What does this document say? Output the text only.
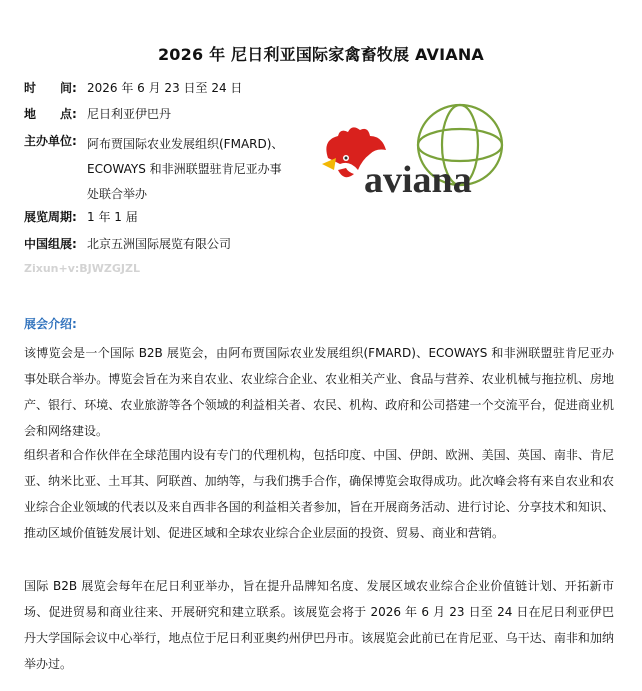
2026 年 尼日利亚国际家禽畜牧展 AVIANA
时　　间: 2026 年 6 月 23 日至 24 日
地　　点: 尼日利亚伊巴丹
主办单位: 阿布贾国际农业发展组织(FMARD)、
ECOWAYS 和非洲联盟驻肯尼亚办事
处联合举办
展览周期: 1 年 1 届
中国组展: 北京五洲国际展览有限公司
Zixun+v:BJWZGJZL
aviana
展会介绍:
该博览会是一个国际 B2B 展览会，由阿布贾国际农业发展组织(FMARD)、ECOWAYS 和非洲联盟驻肯尼亚办事处联合举办。博览会旨在为来自农业、农业综合企业、农业相关产业、食品与营养、农业机械与拖拉机、房地产、银行、环境、农业旅游等各个领域的利益相关者、农民、机构、政府和公司搭建一个交流平台，促进商业机会和网络建设。
组织者和合作伙伴在全球范围内设有专门的代理机构，包括印度、中国、伊朗、欧洲、美国、英国、南非、肯尼亚、纳米比亚、土耳其、阿联酋、加纳等，与我们携手合作，确保博览会取得成功。此次峰会将有来自农业和农业综合企业领域的代表以及来自西非各国的利益相关者参加，旨在开展商务活动、进行讨论、分享技术和知识、推动区域价值链发展计划、促进区域和全球农业综合企业层面的投资、贸易、商业和营销。
国际 B2B 展览会每年在尼日利亚举办，旨在提升品牌知名度、发展区域农业综合企业价值链计划、开拓新市场、促进贸易和商业往来、开展研究和建立联系。该展览会将于 2026 年 6 月 23 日至 24 日在尼日利亚伊巴丹大学国际会议中心举行，地点位于尼日利亚奥约州伊巴丹市。该展览会此前已在肯尼亚、乌干达、南非和加纳举办过。
